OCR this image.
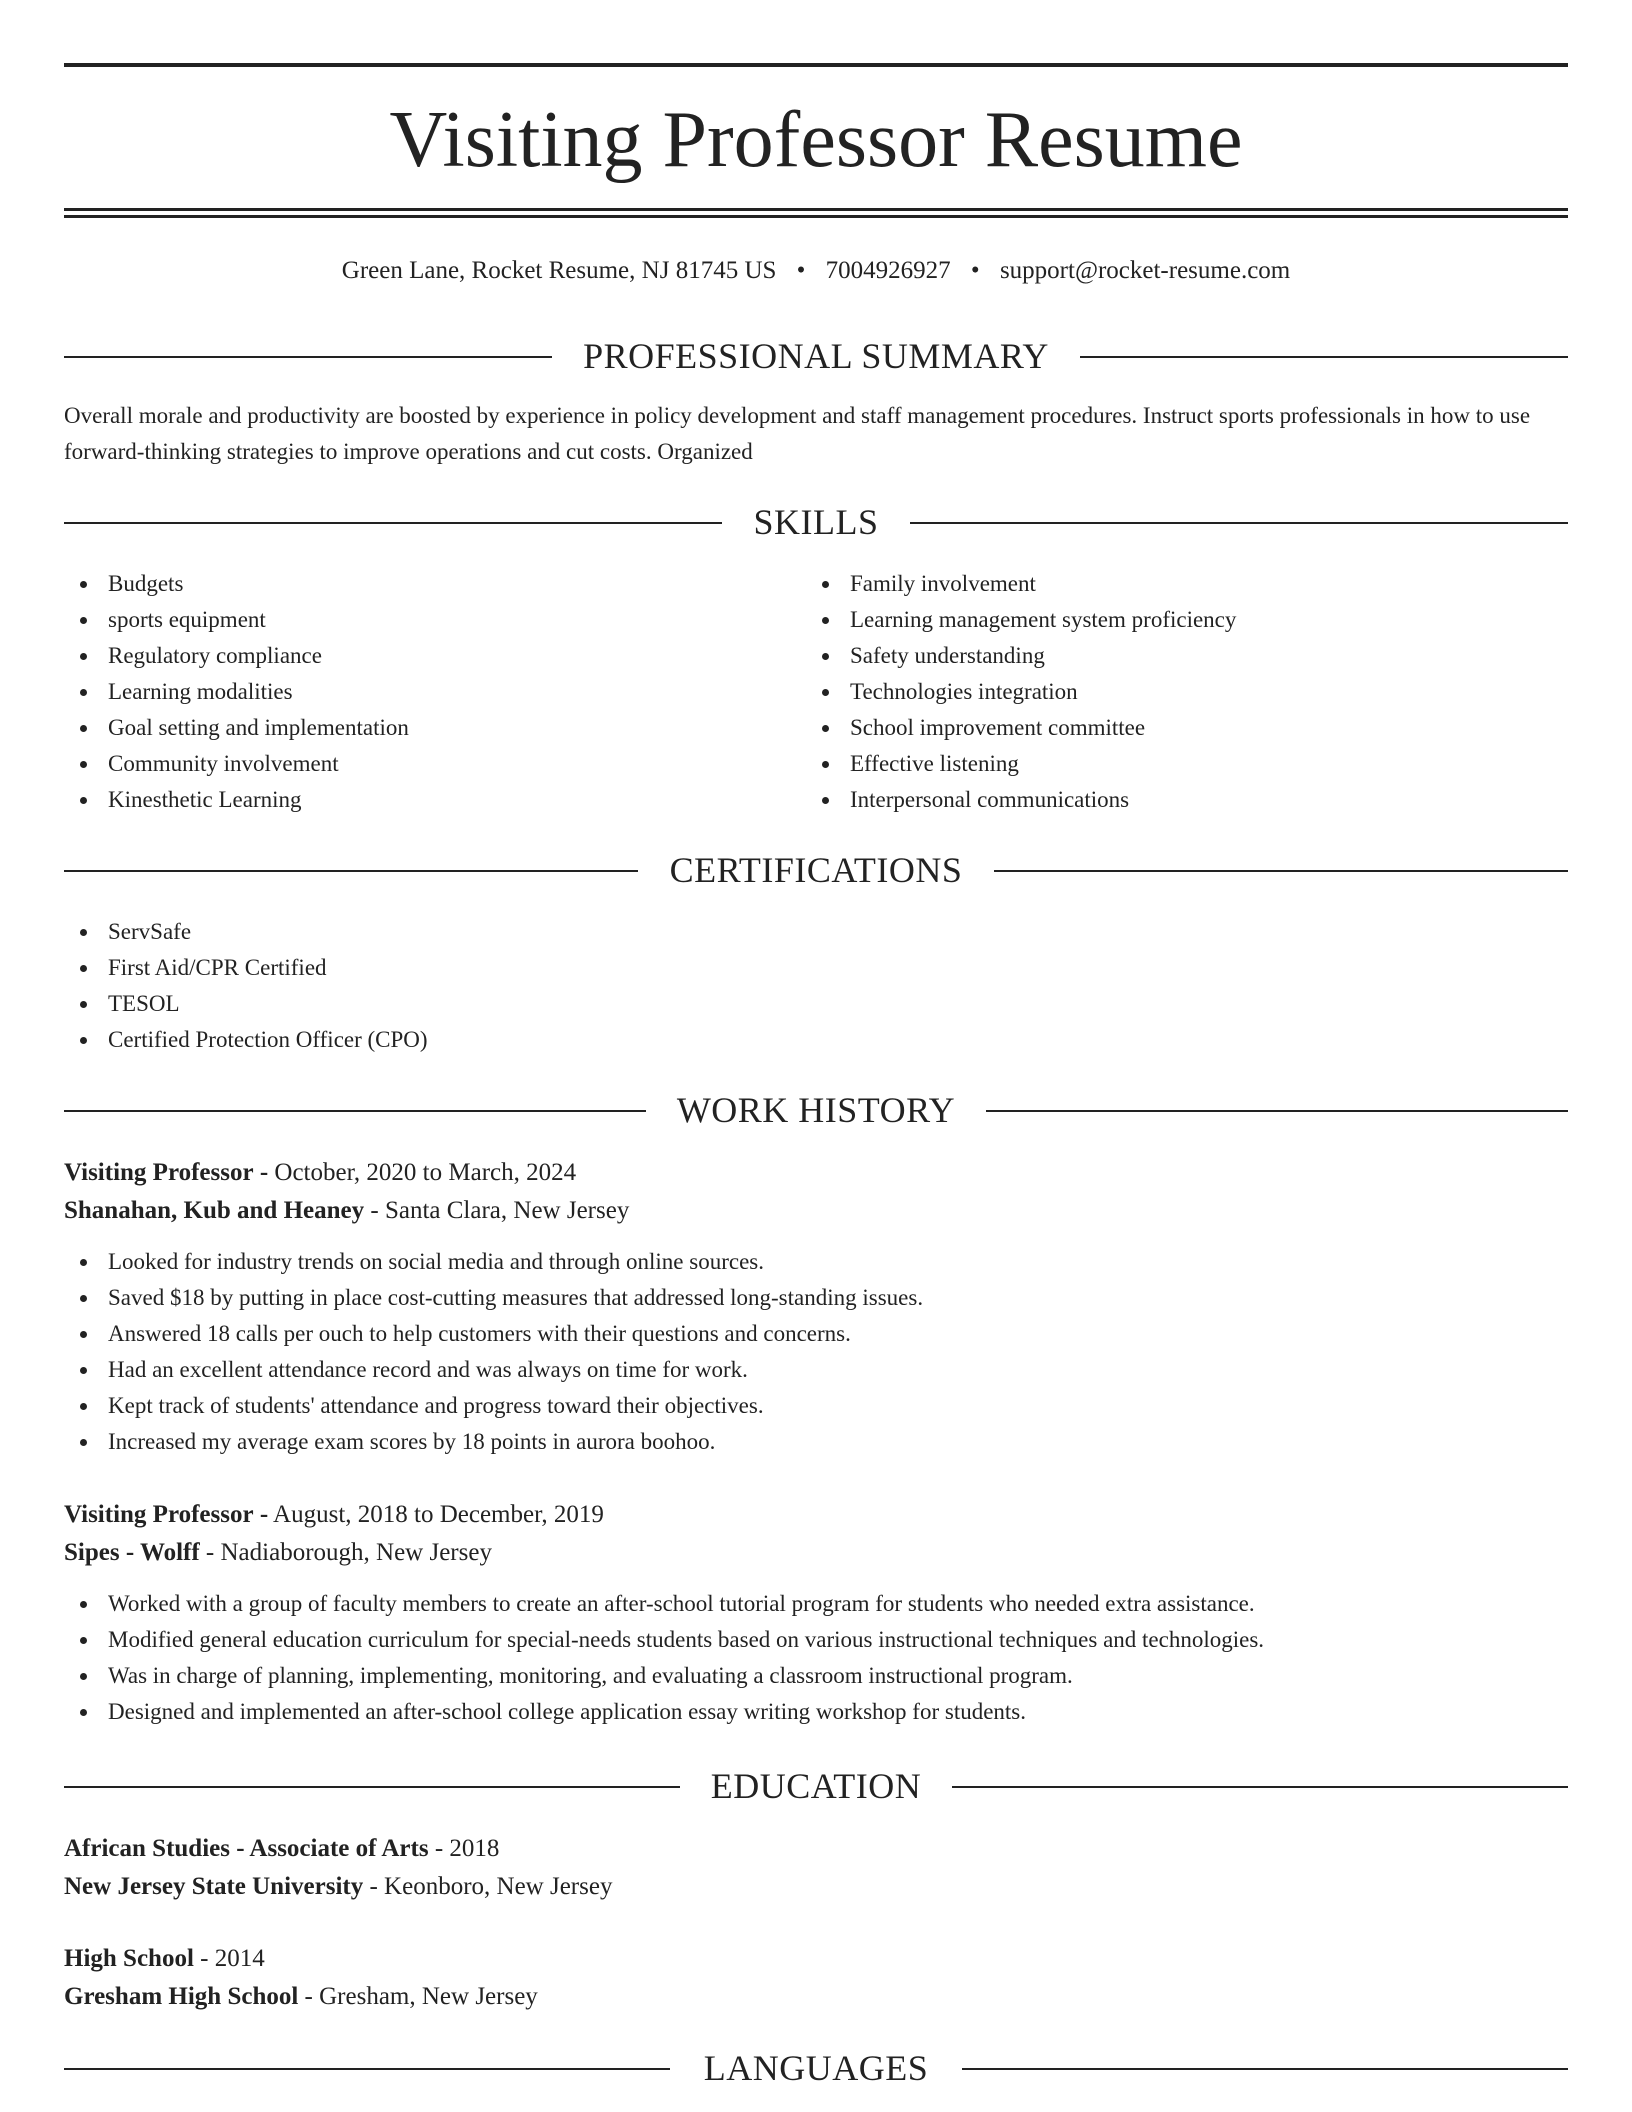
Visiting Professor Resume
Green Lane, Rocket Resume, NJ 81745 US • 7004926927 • support@rocket-resume.com
PROFESSIONAL SUMMARY
Overall morale and productivity are boosted by experience in policy development and staff management procedures. Instruct sports professionals in how to use forward-thinking strategies to improve operations and cut costs. Organized
SKILLS
Budgets
sports equipment
Regulatory compliance
Learning modalities
Goal setting and implementation
Community involvement
Kinesthetic Learning
Family involvement
Learning management system proficiency
Safety understanding
Technologies integration
School improvement committee
Effective listening
Interpersonal communications
CERTIFICATIONS
ServSafe
First Aid/CPR Certified
TESOL
Certified Protection Officer (CPO)
WORK HISTORY
Visiting Professor - October, 2020 to March, 2024
Shanahan, Kub and Heaney - Santa Clara, New Jersey
Looked for industry trends on social media and through online sources.
Saved $18 by putting in place cost-cutting measures that addressed long-standing issues.
Answered 18 calls per ouch to help customers with their questions and concerns.
Had an excellent attendance record and was always on time for work.
Kept track of students' attendance and progress toward their objectives.
Increased my average exam scores by 18 points in aurora boohoo.
Visiting Professor - August, 2018 to December, 2019
Sipes - Wolff - Nadiaborough, New Jersey
Worked with a group of faculty members to create an after-school tutorial program for students who needed extra assistance.
Modified general education curriculum for special-needs students based on various instructional techniques and technologies.
Was in charge of planning, implementing, monitoring, and evaluating a classroom instructional program.
Designed and implemented an after-school college application essay writing workshop for students.
EDUCATION
African Studies - Associate of Arts - 2018
New Jersey State University - Keonboro, New Jersey
High School - 2014
Gresham High School - Gresham, New Jersey
LANGUAGES
